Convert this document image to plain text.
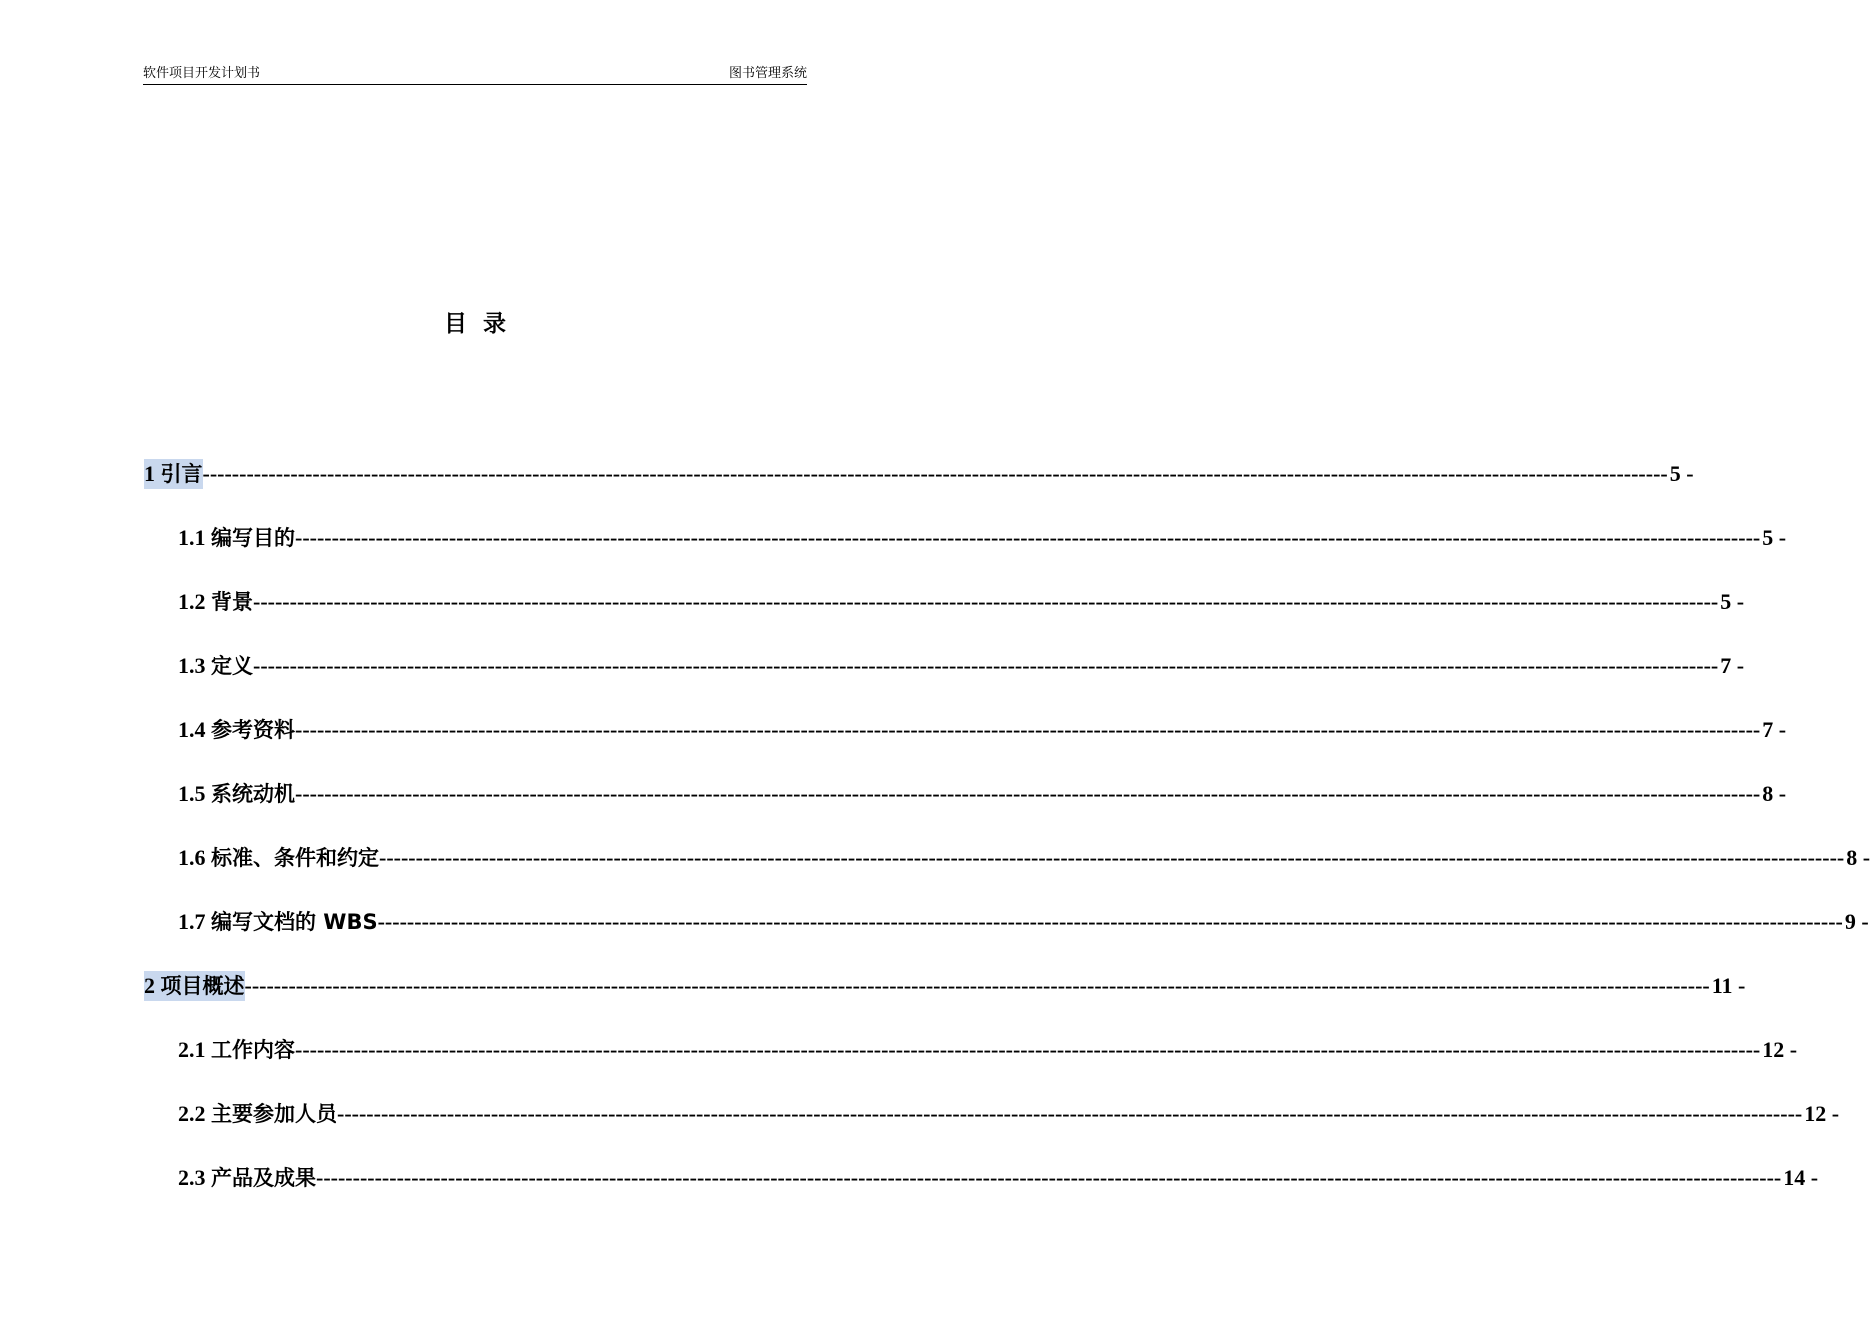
软件项目开发计划书	图书管理系统
目  录
1 引言 -------------------------------------------------------------------------------------------------------------------------------------------------------------------------------------------------------- 5 -
1.1 编写目的 -------------------------------------------------------------------------------------------------------------------------------------------------------------------------------------------------------- 5 -
1.2 背景 -------------------------------------------------------------------------------------------------------------------------------------------------------------------------------------------------------- 5 -
1.3 定义 -------------------------------------------------------------------------------------------------------------------------------------------------------------------------------------------------------- 7 -
1.4 参考资料 -------------------------------------------------------------------------------------------------------------------------------------------------------------------------------------------------------- 7 -
1.5 系统动机 -------------------------------------------------------------------------------------------------------------------------------------------------------------------------------------------------------- 8 -
1.6 标准、条件和约定 -------------------------------------------------------------------------------------------------------------------------------------------------------------------------------------------------------- 8 -
1.7 编写文档的 WBS -------------------------------------------------------------------------------------------------------------------------------------------------------------------------------------------------------- 9 -
2 项目概述 -------------------------------------------------------------------------------------------------------------------------------------------------------------------------------------------------------- 11 -
2.1 工作内容 -------------------------------------------------------------------------------------------------------------------------------------------------------------------------------------------------------- 12 -
2.2 主要参加人员 -------------------------------------------------------------------------------------------------------------------------------------------------------------------------------------------------------- 12 -
2.3 产品及成果 -------------------------------------------------------------------------------------------------------------------------------------------------------------------------------------------------------- 14 -
